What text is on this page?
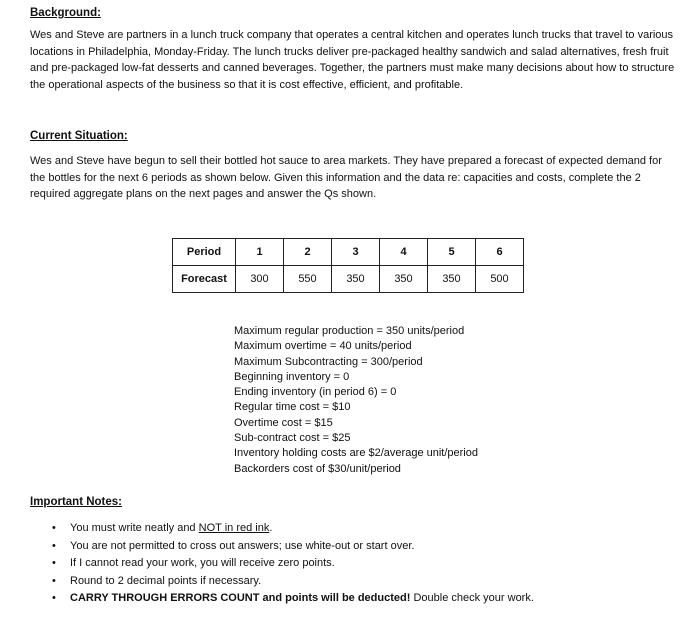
Background:
Wes and Steve are partners in a lunch truck company that operates a central kitchen and operates lunch trucks that travel to various locations in Philadelphia, Monday-Friday. The lunch trucks deliver pre-packaged healthy sandwich and salad alternatives, fresh fruit and pre-packaged low-fat desserts and canned beverages. Together, the partners must make many decisions about how to structure the operational aspects of the business so that it is cost effective, efficient, and profitable.
Current Situation:
Wes and Steve have begun to sell their bottled hot sauce to area markets. They have prepared a forecast of expected demand for the bottles for the next 6 periods as shown below. Given this information and the data re: capacities and costs, complete the 2 required aggregate plans on the next pages and answer the Qs shown.
Period	1	2	3	4	5	6
Forecast	300	550	350	350	350	500
Maximum regular production = 350 units/period
Maximum overtime = 40 units/period
Maximum Subcontracting = 300/period
Beginning inventory = 0
Ending inventory (in period 6) = 0
Regular time cost = $10
Overtime cost = $15
Sub-contract cost = $25
Inventory holding costs are $2/average unit/period
Backorders cost of $30/unit/period
Important Notes:
• You must write neatly and NOT in red ink.
• You are not permitted to cross out answers; use white-out or start over.
• If I cannot read your work, you will receive zero points.
• Round to 2 decimal points if necessary.
• CARRY THROUGH ERRORS COUNT and points will be deducted! Double check your work.
